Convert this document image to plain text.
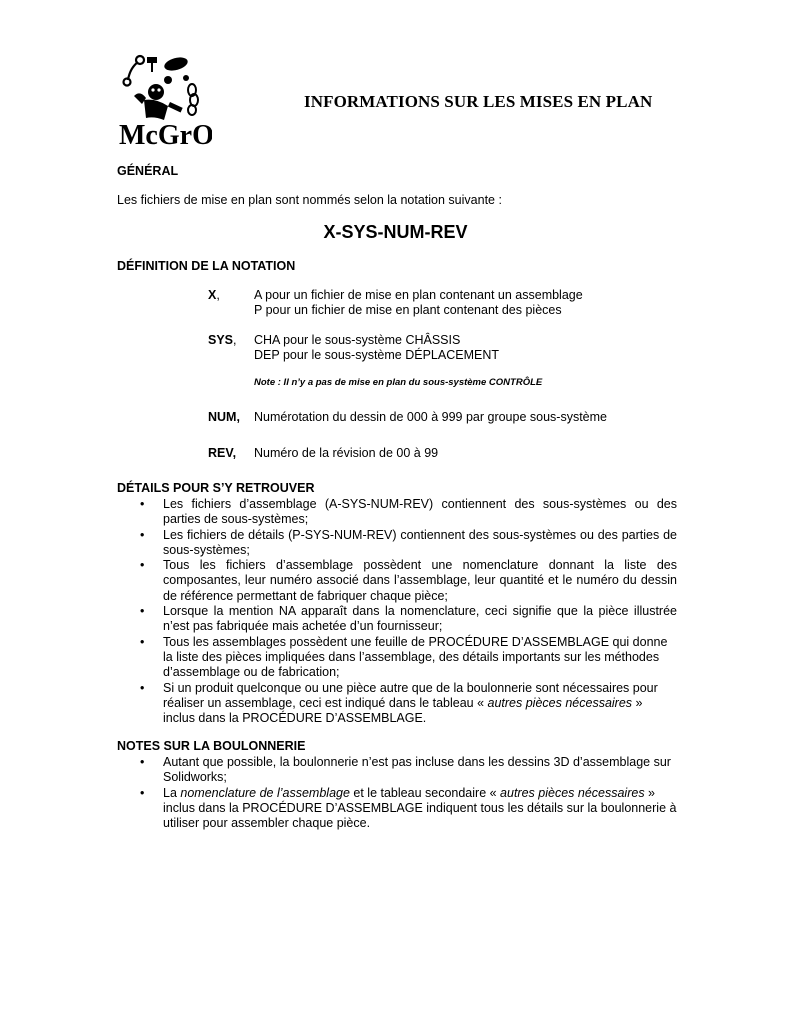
McGrO
INFORMATIONS SUR LES MISES EN PLAN
GÉNÉRAL

Les fichiers de mise en plan sont nommés selon la notation suivante :

X-SYS-NUM-REV

DÉFINITION DE LA NOTATION
X,	A pour un fichier de mise en plan contenant un assemblage
P pour un fichier de mise en plant contenant des pièces
SYS, CHA pour le sous-système CHÂSSIS
DEP pour le sous-système DÉPLACEMENT
Note : Il n’y a pas de mise en plan du sous-système CONTRÔLE
NUM, Numérotation du dessin de 000 à 999 par groupe sous-système
REV, Numéro de la révision de 00 à 99
DÉTAILS POUR S’Y RETROUVER
• Les fichiers d’assemblage (A-SYS-NUM-REV) contiennent des sous-systèmes ou des parties de sous-systèmes;
• Les fichiers de détails (P-SYS-NUM-REV) contiennent des sous-systèmes ou des parties de sous-systèmes;
• Tous les fichiers d’assemblage possèdent une nomenclature donnant la liste des composantes, leur numéro associé dans l’assemblage, leur quantité et le numéro du dessin de référence permettant de fabriquer chaque pièce;
• Lorsque la mention NA apparaît dans la nomenclature, ceci signifie que la pièce illustrée n’est pas fabriquée mais achetée d’un fournisseur;
• Tous les assemblages possèdent une feuille de PROCÉDURE D’ASSEMBLAGE qui donne la liste des pièces impliquées dans l’assemblage, des détails importants sur les méthodes d’assemblage ou de fabrication;
• Si un produit quelconque ou une pièce autre que de la boulonnerie sont nécessaires pour réaliser un assemblage, ceci est indiqué dans le tableau « autres pièces nécessaires » inclus dans la PROCÉDURE D’ASSEMBLAGE.
NOTES SUR LA BOULONNERIE
• Autant que possible, la boulonnerie n’est pas incluse dans les dessins 3D d’assemblage sur Solidworks;
• La nomenclature de l’assemblage et le tableau secondaire « autres pièces nécessaires » inclus dans la PROCÉDURE D’ASSEMBLAGE indiquent tous les détails sur la boulonnerie à utiliser pour assembler chaque pièce.
